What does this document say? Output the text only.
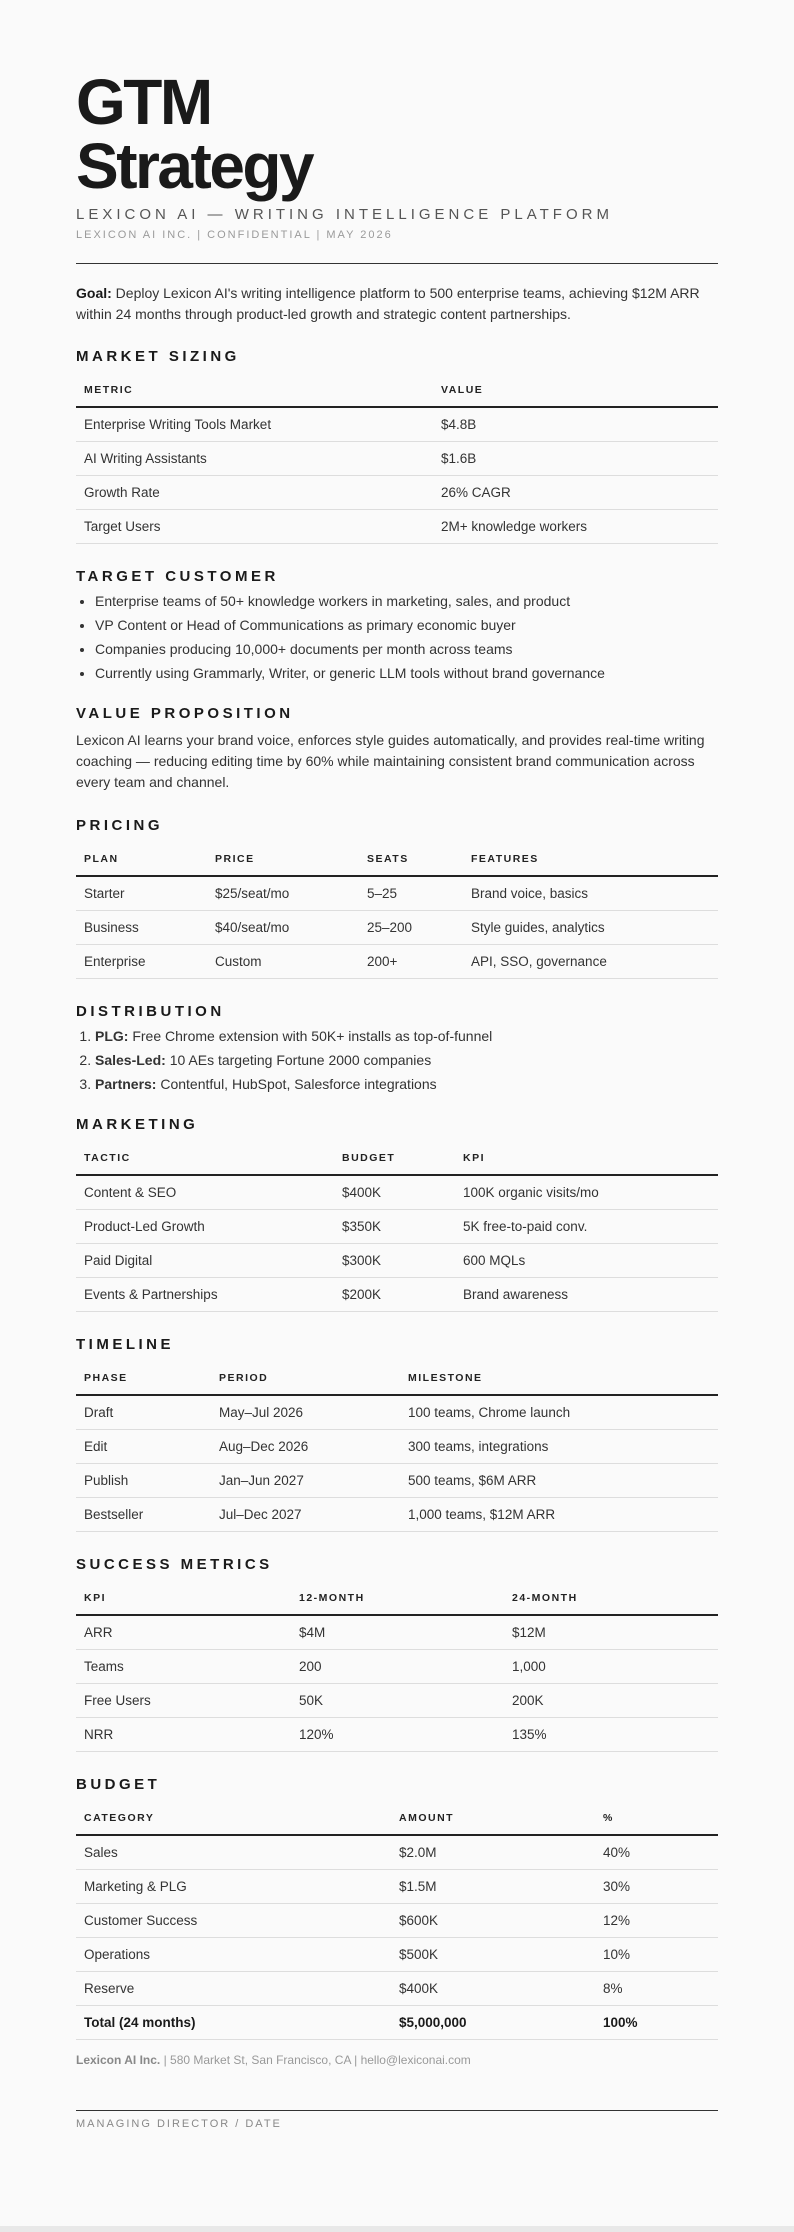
GTM
Strategy
LEXICON AI — WRITING INTELLIGENCE PLATFORM
LEXICON AI INC. | CONFIDENTIAL | MAY 2026
Goal: Deploy Lexicon AI's writing intelligence platform to 500 enterprise teams, achieving $12M ARR within 24 months through product-led growth and strategic content partnerships.
MARKET SIZING
METRIC	VALUE
Enterprise Writing Tools Market	$4.8B
AI Writing Assistants	$1.6B
Growth Rate	26% CAGR
Target Users	2M+ knowledge workers
TARGET CUSTOMER
• Enterprise teams of 50+ knowledge workers in marketing, sales, and product
• VP Content or Head of Communications as primary economic buyer
• Companies producing 10,000+ documents per month across teams
• Currently using Grammarly, Writer, or generic LLM tools without brand governance
VALUE PROPOSITION

Lexicon AI learns your brand voice, enforces style guides automatically, and provides real-time writing coaching — reducing editing time by 60% while maintaining consistent brand communication across every team and channel.

PRICING
PLAN	PRICE	SEATS	FEATURES
Starter	$25/seat/mo	5–25	Brand voice, basics
Business	$40/seat/mo	25–200	Style guides, analytics
Enterprise	Custom	200+	API, SSO, governance
DISTRIBUTION
1. PLG: Free Chrome extension with 50K+ installs as top-of-funnel
2. Sales-Led: 10 AEs targeting Fortune 2000 companies
3. Partners: Contentful, HubSpot, Salesforce integrations
MARKETING
TACTIC	BUDGET	KPI
Content & SEO	$400K	100K organic visits/mo
Product-Led Growth	$350K	5K free-to-paid conv.
Paid Digital	$300K	600 MQLs
Events & Partnerships	$200K	Brand awareness
TIMELINE
PHASE	PERIOD	MILESTONE
Draft	May–Jul 2026	100 teams, Chrome launch
Edit	Aug–Dec 2026	300 teams, integrations
Publish	Jan–Jun 2027	500 teams, $6M ARR
Bestseller	Jul–Dec 2027	1,000 teams, $12M ARR
SUCCESS METRICS
KPI	12-MONTH	24-MONTH
ARR	$4M	$12M
Teams	200	1,000
Free Users	50K	200K
NRR	120%	135%
BUDGET
CATEGORY	AMOUNT	%
Sales	$2.0M	40%
Marketing & PLG	$1.5M	30%
Customer Success	$600K	12%
Operations	$500K	10%
Reserve	$400K	8%
Total (24 months)	$5,000,000	100%
Lexicon AI Inc. | 580 Market St, San Francisco, CA | hello@lexiconai.com
MANAGING DIRECTOR / DATE
